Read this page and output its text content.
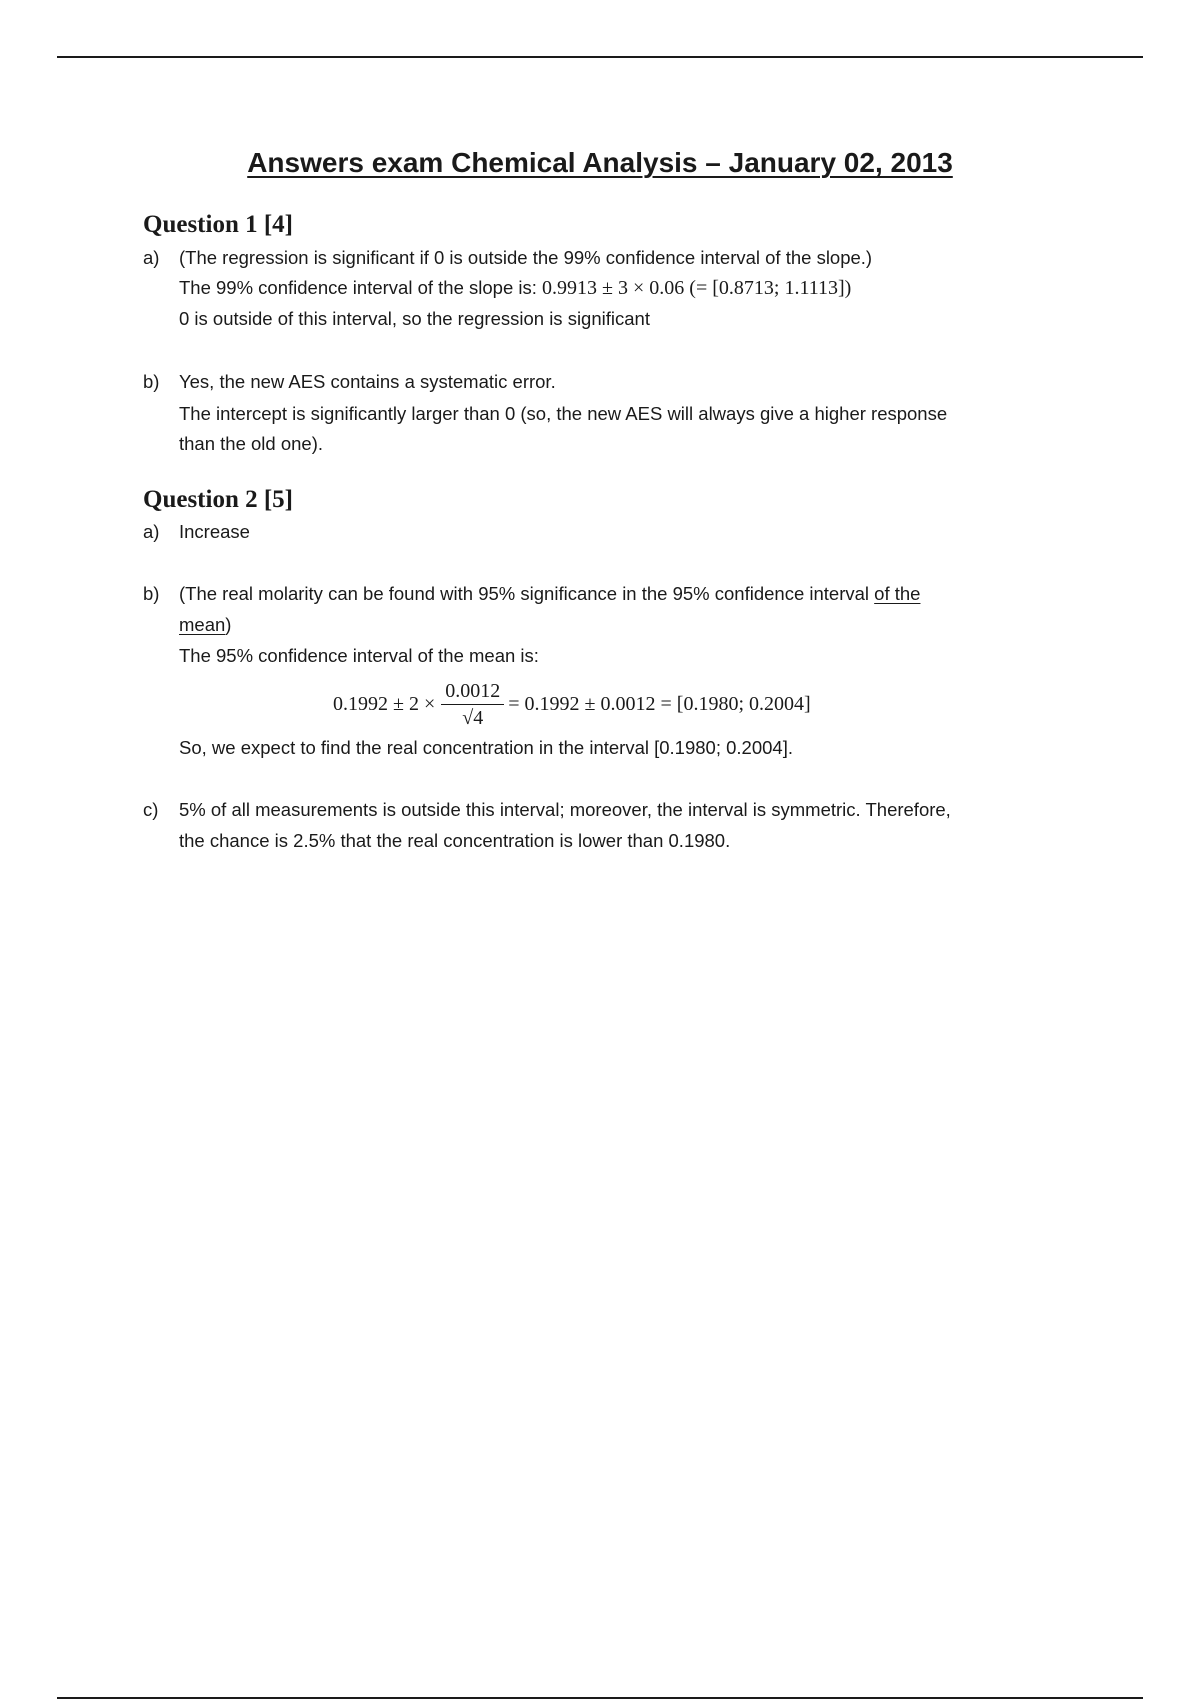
Answers exam Chemical Analysis – January 02, 2013
Question 1 [4]
a) (The regression is significant if 0 is outside the 99% confidence interval of the slope.)
The 99% confidence interval of the slope is: 0.9913 ± 3 × 0.06 (= [0.8713; 1.1113])
0 is outside of this interval, so the regression is significant
b) Yes, the new AES contains a systematic error.
The intercept is significantly larger than 0 (so, the new AES will always give a higher response
than the old one).
Question 2 [5]
a) Increase
b) (The real molarity can be found with 95% significance in the 95% confidence interval of the
mean)
The 95% confidence interval of the mean is:
$0.1992 \pm 2 \times \frac{0.0012}{√4} = 0.1992 \pm 0.0012 = [0.1980$; 0.2004]
So, we expect to find the real concentration in the interval [0.1980; 0.2004].
c) 5% of all measurements is outside this interval; moreover, the interval is symmetric. Therefore,
the chance is 2.5% that the real concentration is lower than 0.1980.
